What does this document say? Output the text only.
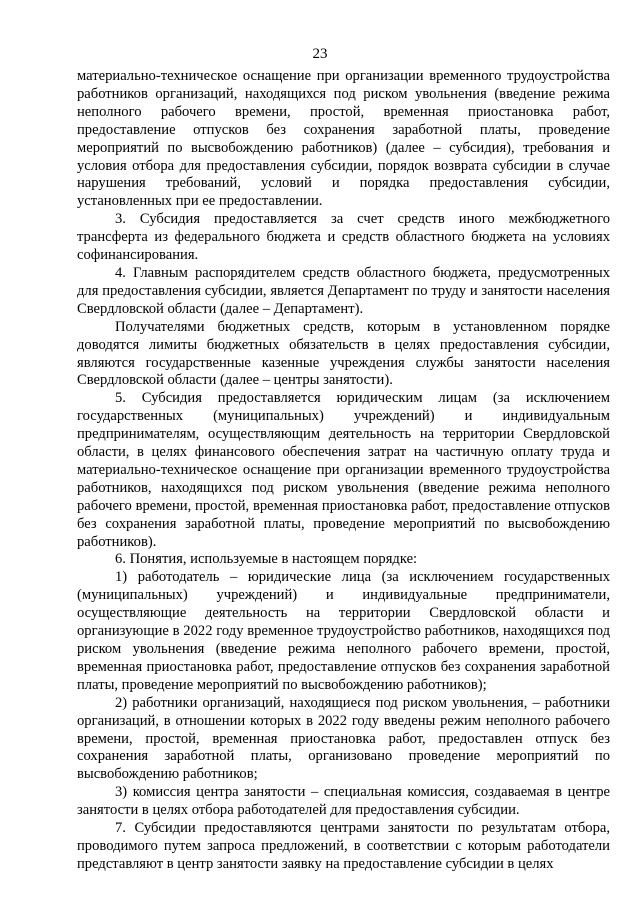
23

материально-техническое оснащение при организации временного трудоустройства работников организаций, находящихся под риском увольнения (введение режима неполного рабочего времени, простой, временная приостановка работ, предоставление отпусков без сохранения заработной платы, проведение мероприятий по высвобождению работников) (далее – субсидия), требования и условия отбора для предоставления субсидии, порядок возврата субсидии в случае нарушения требований, условий и порядка предоставления субсидии, установленных при ее предоставлении.

3. Субсидия предоставляется за счет средств иного межбюджетного трансферта из федерального бюджета и средств областного бюджета на условиях софинансирования.

4. Главным распорядителем средств областного бюджета, предусмотренных для предоставления субсидии, является Департамент по труду и занятости населения Свердловской области (далее – Департамент).

Получателями бюджетных средств, которым в установленном порядке доводятся лимиты бюджетных обязательств в целях предоставления субсидии, являются государственные казенные учреждения службы занятости населения Свердловской области (далее – центры занятости).

5. Субсидия предоставляется юридическим лицам (за исключением государственных (муниципальных) учреждений) и индивидуальным предпринимателям, осуществляющим деятельность на территории Свердловской области, в целях финансового обеспечения затрат на частичную оплату труда и материально-техническое оснащение при организации временного трудоустройства работников, находящихся под риском увольнения (введение режима неполного рабочего времени, простой, временная приостановка работ, предоставление отпусков без сохранения заработной платы, проведение мероприятий по высвобождению работников).

6. Понятия, используемые в настоящем порядке:

1) работодатель – юридические лица (за исключением государственных (муниципальных) учреждений) и индивидуальные предприниматели, осуществляющие деятельность на территории Свердловской области и организующие в 2022 году временное трудоустройство работников, находящихся под риском увольнения (введение режима неполного рабочего времени, простой, временная приостановка работ, предоставление отпусков без сохранения заработной платы, проведение мероприятий по высвобождению работников);

2) работники организаций, находящиеся под риском увольнения, – работники организаций, в отношении которых в 2022 году введены режим неполного рабочего времени, простой, временная приостановка работ, предоставлен отпуск без сохранения заработной платы, организовано проведение мероприятий по высвобождению работников;

3) комиссия центра занятости – специальная комиссия, создаваемая в центре занятости в целях отбора работодателей для предоставления субсидии.

7. Субсидии предоставляются центрами занятости по результатам отбора, проводимого путем запроса предложений, в соответствии с которым работодатели представляют в центр занятости заявку на предоставление субсидии в целях
